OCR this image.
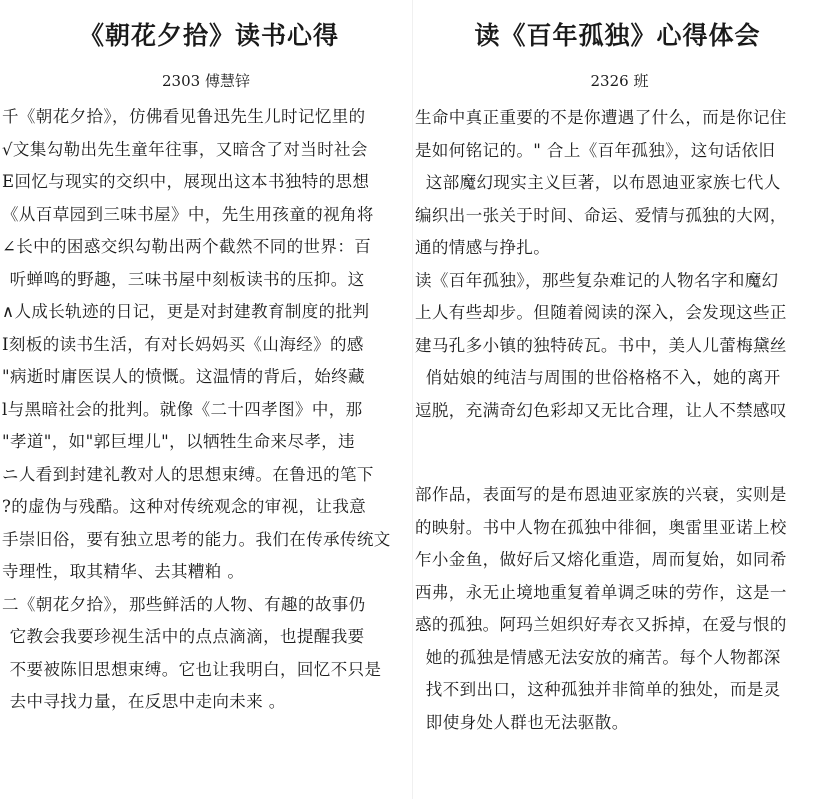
《朝花夕拾》读书心得
2303 傅慧锌
千《朝花夕拾》，仿佛看见鲁迅先生儿时记忆里的
√文集勾勒出先生童年往事，又暗含了对当时社会
E回忆与现实的交织中，展现出这本书独特的思想
《从百草园到三味书屋》中，先生用孩童的视角将
∠长中的困惑交织勾勒出两个截然不同的世界：百
听蝉鸣的野趣，三味书屋中刻板读书的压抑。这
∧人成长轨迹的日记，更是对封建教育制度的批判
I刻板的读书生活，有对长妈妈买《山海经》的感
"病逝时庸医误人的愤慨。这温情的背后，始终藏
l与黑暗社会的批判。就像《二十四孝图》中，那
"孝道"，如"郭巨埋儿"，以牺牲生命来尽孝，违
ニ人看到封建礼教对人的思想束缚。在鲁迅的笔下
?的虚伪与残酷。这种对传统观念的审视，让我意
手崇旧俗，要有独立思考的能力。我们在传承传统文
寺理性，取其精华、去其糟粕 。
二《朝花夕拾》，那些鲜活的人物、有趣的故事仍
它教会我要珍视生活中的点点滴滴，也提醒我要
不要被陈旧思想束缚。它也让我明白，回忆不只是
去中寻找力量，在反思中走向未来 。
读《百年孤独》心得体会
2326 班
生命中真正重要的不是你遭遇了什么，而是你记住
是如何铭记的。" 合上《百年孤独》，这句话依旧
这部魔幻现实主义巨著，以布恩迪亚家族七代人
编织出一张关于时间、命运、爱情与孤独的大网，
通的情感与挣扎。
读《百年孤独》，那些复杂难记的人物名字和魔幻
上人有些却步。但随着阅读的深入，会发现这些正
建马孔多小镇的独特砖瓦。书中，美人儿蕾梅黛丝
俏姑娘的纯洁与周围的世俗格格不入，她的离开
逗脱，充满奇幻色彩却又无比合理，让人不禁感叹
部作品，表面写的是布恩迪亚家族的兴衰，实则是
的映射。书中人物在孤独中徘徊，奥雷里亚诺上校
乍小金鱼，做好后又熔化重造，周而复始，如同希
西弗，永无止境地重复着单调乏味的劳作，这是一
惑的孤独。阿玛兰妲织好寿衣又拆掉，在爱与恨的
她的孤独是情感无法安放的痛苦。每个人物都深
找不到出口，这种孤独并非简单的独处，而是灵
即使身处人群也无法驱散。
